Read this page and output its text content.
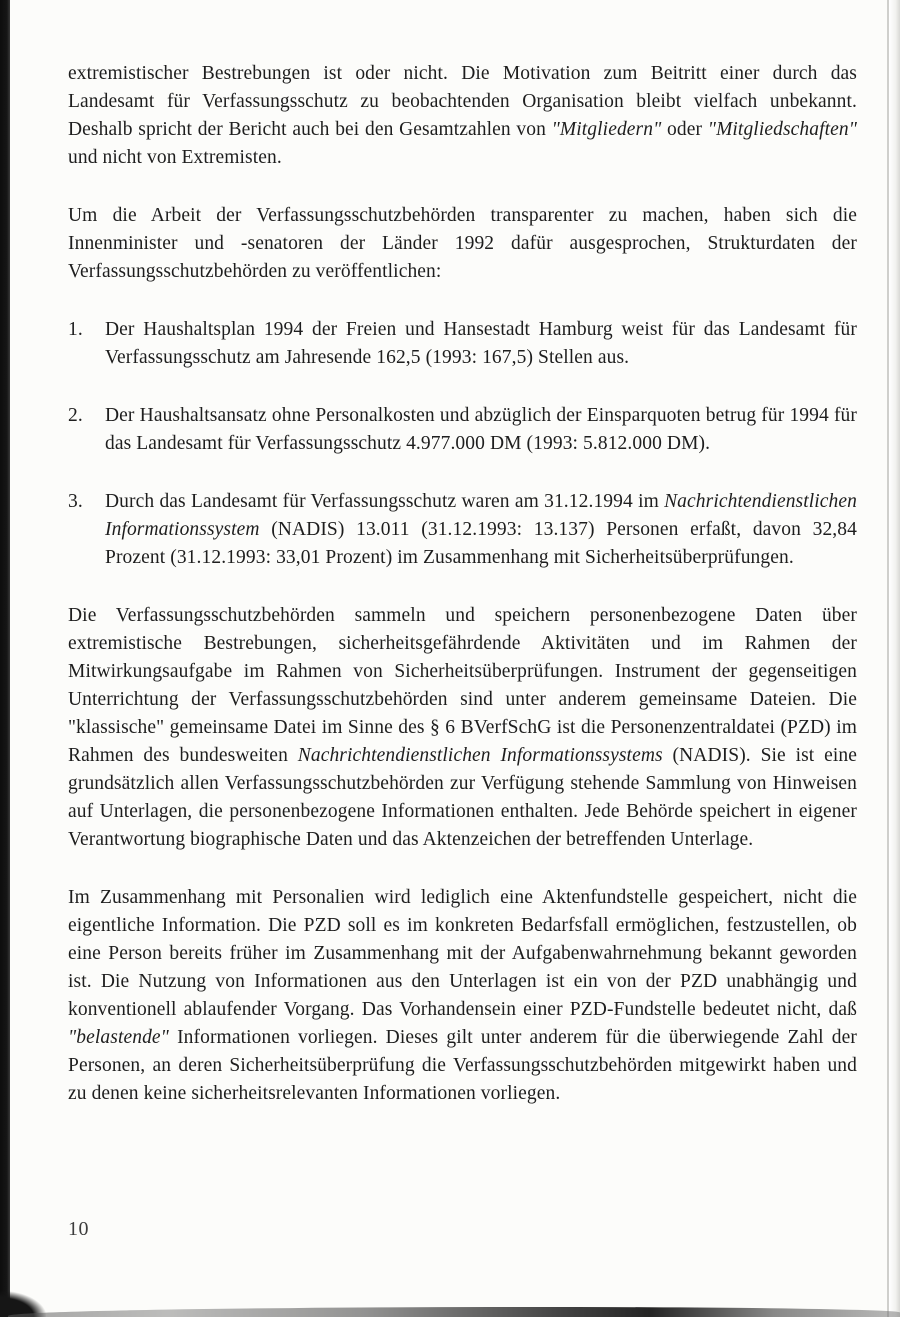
extremistischer Bestrebungen ist oder nicht. Die Motivation zum Beitritt einer durch das Landesamt für Verfassungsschutz zu beobachtenden Organisation bleibt vielfach unbekannt. Deshalb spricht der Bericht auch bei den Gesamtzahlen von "Mitgliedern" oder "Mitgliedschaften" und nicht von Extremisten.

Um die Arbeit der Verfassungsschutzbehörden transparenter zu machen, haben sich die Innenminister und -senatoren der Länder 1992 dafür ausgesprochen, Strukturdaten der Verfassungsschutzbehörden zu veröffentlichen:

1.	Der Haushaltsplan 1994 der Freien und Hansestadt Hamburg weist für das Landesamt für Verfassungsschutz am Jahresende 162,5 (1993: 167,5) Stellen aus.
2.	Der Haushaltsansatz ohne Personalkosten und abzüglich der Einsparquoten betrug für 1994 für das Landesamt für Verfassungsschutz 4.977.000 DM (1993: 5.812.000 DM).
3.	Durch das Landesamt für Verfassungsschutz waren am 31.12.1994 im Nachrichtendienstlichen Informationssystem (NADIS) 13.011 (31.12.1993: 13.137) Personen erfaßt, davon 32,84 Prozent (31.12.1993: 33,01 Prozent) im Zusammenhang mit Sicherheitsüberprüfungen.

Die Verfassungsschutzbehörden sammeln und speichern personenbezogene Daten über extremistische Bestrebungen, sicherheitsgefährdende Aktivitäten und im Rahmen der Mitwirkungsaufgabe im Rahmen von Sicherheitsüberprüfungen. Instrument der gegenseitigen Unterrichtung der Verfassungsschutzbehörden sind unter anderem gemeinsame Dateien. Die "klassische" gemeinsame Datei im Sinne des § 6 BVerfSchG ist die Personenzentraldatei (PZD) im Rahmen des bundesweiten Nachrichtendienstlichen Informationssystems (NADIS). Sie ist eine grundsätzlich allen Verfassungsschutzbehörden zur Verfügung stehende Sammlung von Hinweisen auf Unterlagen, die personenbezogene Informationen enthalten. Jede Behörde speichert in eigener Verantwortung biographische Daten und das Aktenzeichen der betreffenden Unterlage.

Im Zusammenhang mit Personalien wird lediglich eine Aktenfundstelle gespeichert, nicht die eigentliche Information. Die PZD soll es im konkreten Bedarfsfall ermöglichen, festzustellen, ob eine Person bereits früher im Zusammenhang mit der Aufgabenwahrnehmung bekannt geworden ist. Die Nutzung von Informationen aus den Unterlagen ist ein von der PZD unabhängig und konventionell ablaufender Vorgang. Das Vorhandensein einer PZD-Fundstelle bedeutet nicht, daß "belastende" Informationen vorliegen. Dieses gilt unter anderem für die überwiegende Zahl der Personen, an deren Sicherheitsüberprüfung die Verfassungsschutzbehörden mitgewirkt haben und zu denen keine sicherheitsrelevanten Informationen vorliegen.

10
